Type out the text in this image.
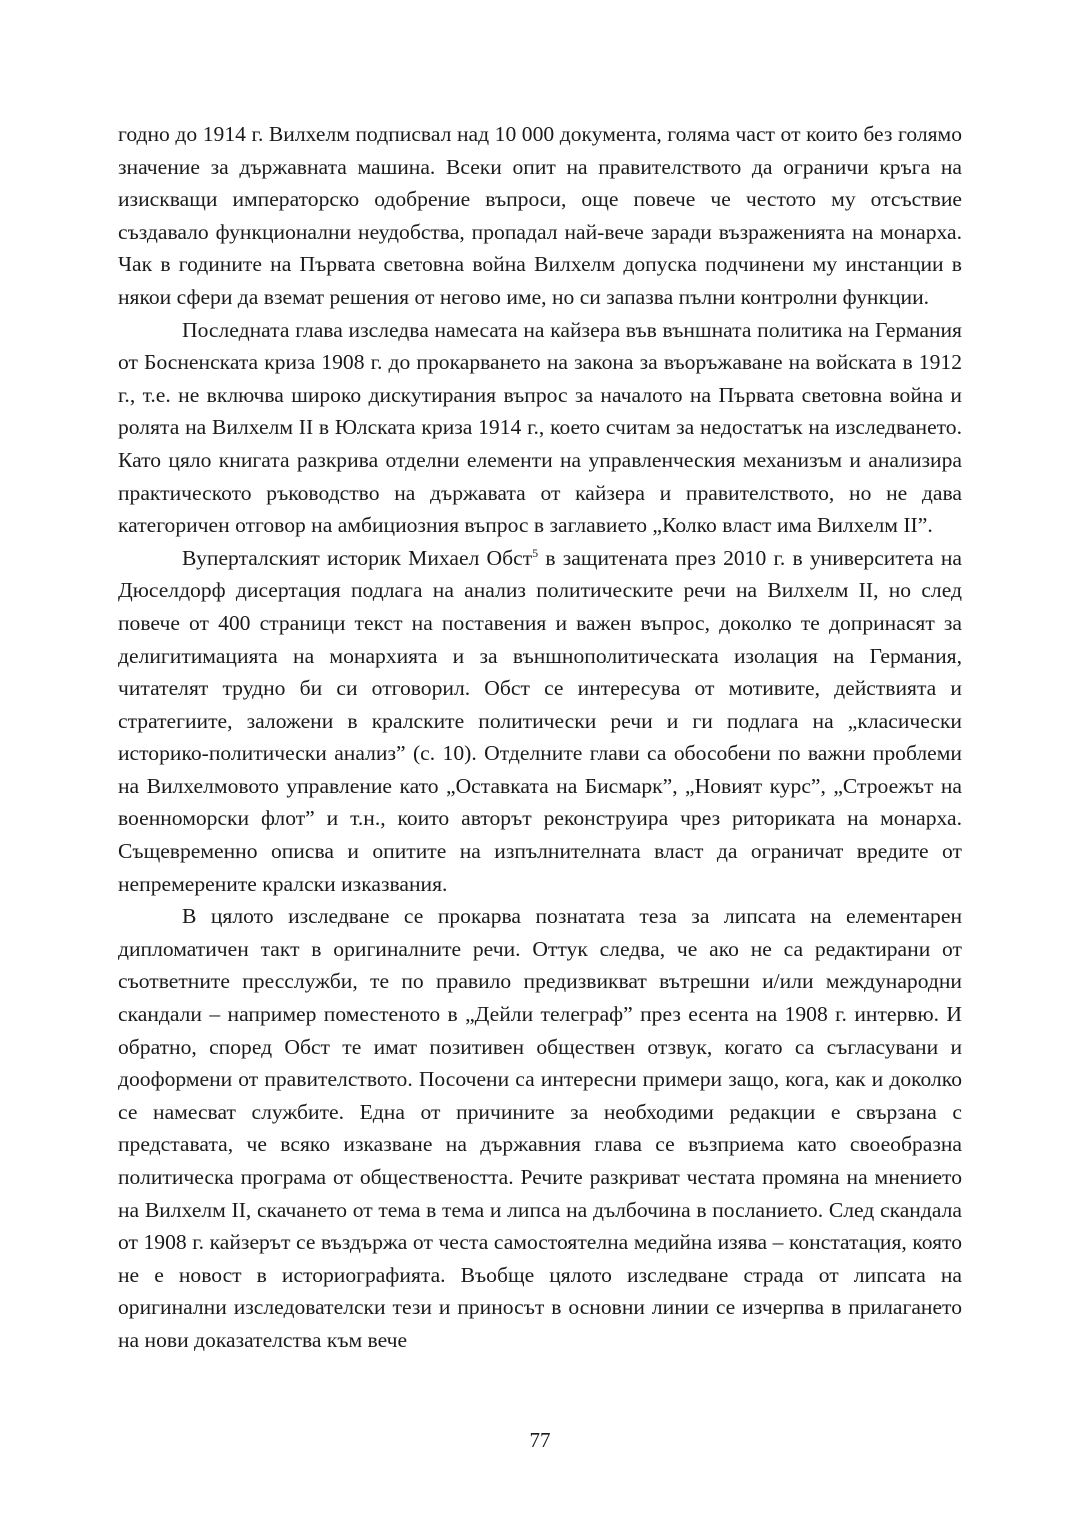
годно до 1914 г. Вилхелм подписвал над 10 000 документа, голяма част от които без голямо значение за държавната машина. Всеки опит на правителството да ограничи кръга на изискващи императорско одобрение въпроси, още повече че честото му отсъствие създавало функционални неудобства, пропадал най-вече заради възраженията на монарха. Чак в годините на Първата световна война Вилхелм допуска подчинени му инстанции в някои сфери да вземат решения от негово име, но си запазва пълни контролни функции.

Последната глава изследва намесата на кайзера във външната политика на Германия от Босненската криза 1908 г. до прокарването на закона за въоръжаване на войската в 1912 г., т.е. не включва широко дискутирания въпрос за началото на Първата световна война и ролята на Вилхелм II в Юлската криза 1914 г., което считам за недостатък на изследването. Като цяло книгата разкрива отделни елементи на управленческия механизъм и анализира практическото ръководство на държавата от кайзера и правителството, но не дава категоричен отговор на амбициозния въпрос в заглавието „Колко власт има Вилхелм II”.

Вуперталският историк Михаел Обст$^5$ в защитената през 2010 г. в университета на Дюселдорф дисертация подлага на анализ политическите речи на Вилхелм II, но след повече от 400 страници текст на поставения и важен въпрос, доколко те допринасят за делигитимацията на монархията и за външнополитическата изолация на Германия, читателят трудно би си отговорил. Обст се интересува от мотивите, действията и стратегиите, заложени в кралските политически речи и ги подлага на „класически историко-политически анализ” (с. 10). Отделните глави са обособени по важни проблеми на Вилхелмовото управление като „Оставката на Бисмарк”, „Новият курс”, „Строежът на военноморски флот” и т.н., които авторът реконструира чрез риториката на монарха. Същевременно описва и опитите на изпълнителната власт да ограничат вредите от непремерените кралски изказвания.

В цялото изследване се прокарва познатата теза за липсата на елементарен дипломатичен такт в оригиналните речи. Оттук следва, че ако не са редактирани от съответните пресслужби, те по правило предизвикват вътрешни и/или международни скандали – например поместеното в „Дейли телеграф” през есента на 1908 г. интервю. И обратно, според Обст те имат позитивен обществен отзвук, когато са съгласувани и дооформени от правителството. Посочени са интересни примери защо, кога, как и доколко се намесват службите. Една от причините за необходими редакции е свързана с представата, че всяко изказване на държавния глава се възприема като своеобразна политическа програма от обществеността. Речите разкриват честата промяна на мнението на Вилхелм II, скачането от тема в тема и липса на дълбочина в посланието. След скандала от 1908 г. кайзерът се въздържа от честа самостоятелна медийна изява – констатация, която не е новост в историографията. Въобще цялото изследване страда от липсата на оригинални изследователски тези и приносът в основни линии се изчерпва в прилагането на нови доказателства към вече

77
